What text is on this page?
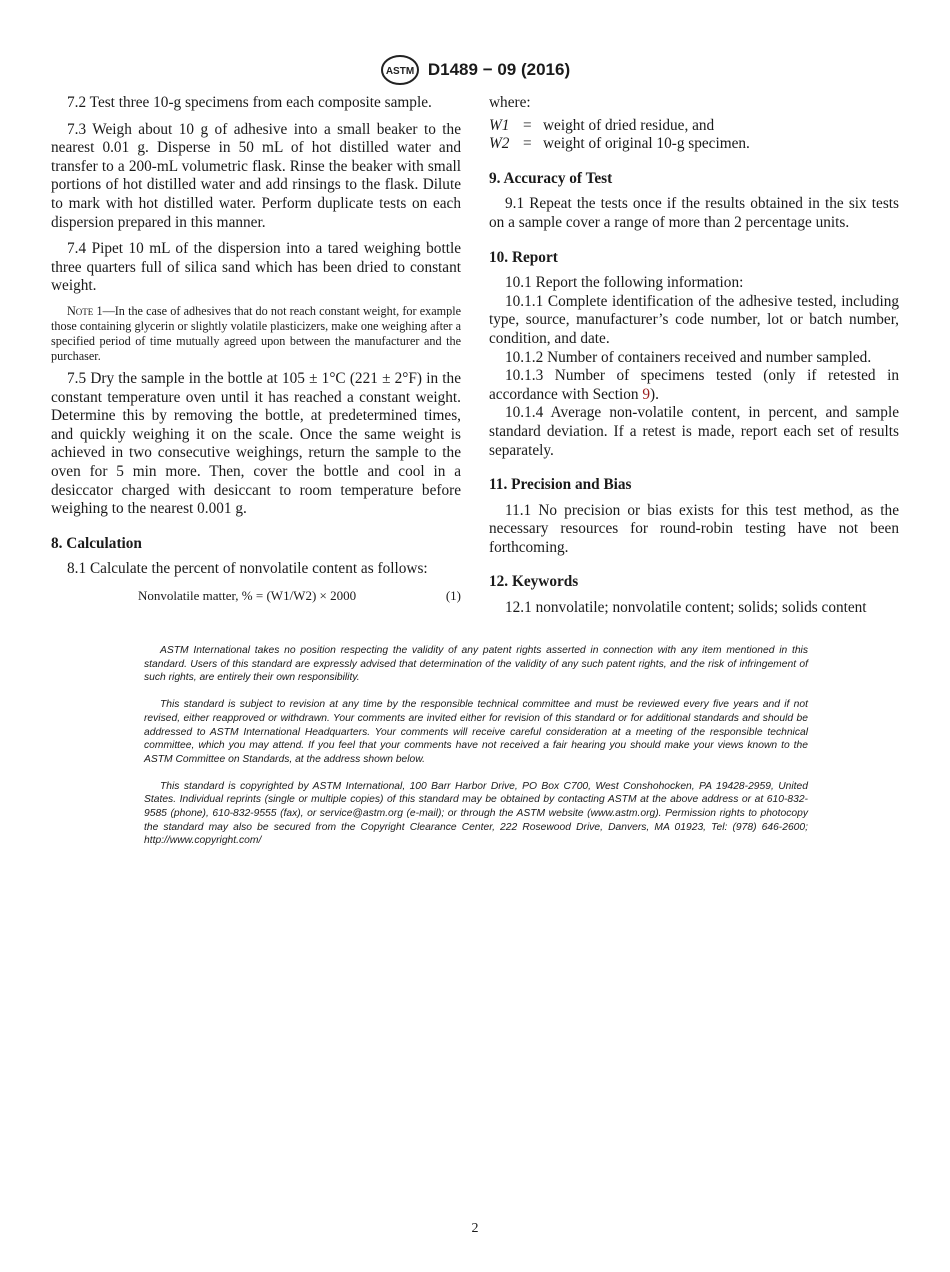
ASTM D1489 − 09 (2016)

7.2 Test three 10-g specimens from each composite sample.

7.3 Weigh about 10 g of adhesive into a small beaker to the nearest 0.01 g. Disperse in 50 mL of hot distilled water and transfer to a 200-mL volumetric flask. Rinse the beaker with small portions of hot distilled water and add rinsings to the flask. Dilute to mark with hot distilled water. Perform duplicate tests on each dispersion prepared in this manner.

7.4 Pipet 10 mL of the dispersion into a tared weighing bottle three quarters full of silica sand which has been dried to constant weight.

Note 1—In the case of adhesives that do not reach constant weight, for example those containing glycerin or slightly volatile plasticizers, make one weighing after a specified period of time mutually agreed upon between the manufacturer and the purchaser.

7.5 Dry the sample in the bottle at 105 ± 1°C (221 ± 2°F) in the constant temperature oven until it has reached a constant weight. Determine this by removing the bottle, at predetermined times, and quickly weighing it on the scale. Once the same weight is achieved in two consecutive weighings, return the sample to the oven for 5 min more. Then, cover the bottle and cool in a desiccator charged with desiccant to room temperature before weighing to the nearest 0.001 g.

8. Calculation

8.1 Calculate the percent of nonvolatile content as follows:

Nonvolatile matter, % = (W1/W2) × 2000	(1)

where:

W1 = weight of dried residue, and
W2 = weight of original 10-g specimen.
9. Accuracy of Test

9.1 Repeat the tests once if the results obtained in the six tests on a sample cover a range of more than 2 percentage units.

10. Report

10.1 Report the following information:

10.1.1 Complete identification of the adhesive tested, including type, source, manufacturer’s code number, lot or batch number, condition, and date.

10.1.2 Number of containers received and number sampled.

10.1.3 Number of specimens tested (only if retested in accordance with Section 9).

10.1.4 Average non-volatile content, in percent, and sample standard deviation. If a retest is made, report each set of results separately.

11. Precision and Bias

11.1 No precision or bias exists for this test method, as the necessary resources for round-robin testing have not been forthcoming.

12. Keywords

12.1 nonvolatile; nonvolatile content; solids; solids content

ASTM International takes no position respecting the validity of any patent rights asserted in connection with any item mentioned in this standard. Users of this standard are expressly advised that determination of the validity of any such patent rights, and the risk of infringement of such rights, are entirely their own responsibility.

This standard is subject to revision at any time by the responsible technical committee and must be reviewed every five years and if not revised, either reapproved or withdrawn. Your comments are invited either for revision of this standard or for additional standards and should be addressed to ASTM International Headquarters. Your comments will receive careful consideration at a meeting of the responsible technical committee, which you may attend. If you feel that your comments have not received a fair hearing you should make your views known to the ASTM Committee on Standards, at the address shown below.

This standard is copyrighted by ASTM International, 100 Barr Harbor Drive, PO Box C700, West Conshohocken, PA 19428-2959, United States. Individual reprints (single or multiple copies) of this standard may be obtained by contacting ASTM at the above address or at 610-832-9585 (phone), 610-832-9555 (fax), or service@astm.org (e-mail); or through the ASTM website (www.astm.org). Permission rights to photocopy the standard may also be secured from the Copyright Clearance Center, 222 Rosewood Drive, Danvers, MA 01923, Tel: (978) 646-2600; http://www.copyright.com/

2
